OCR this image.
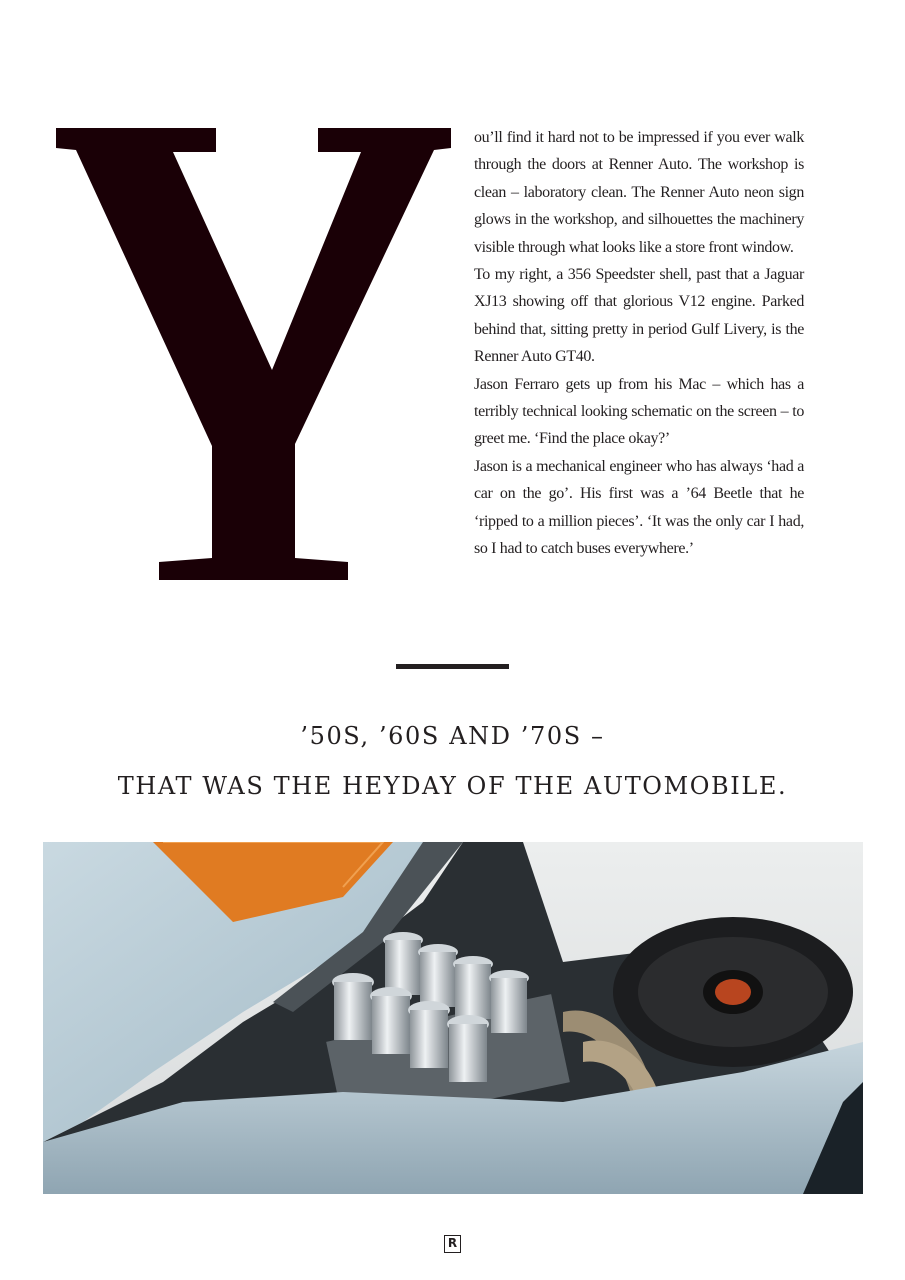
ou’ll find it hard not to be impressed if you ever walk through the doors at Renner Auto. The workshop is clean – laboratory clean. The Renner Auto neon sign glows in the workshop, and silhouettes the machinery visible through what looks like a store front window.

To my right, a 356 Speedster shell, past that a Jaguar XJ13 showing off that glorious V12 engine. Parked behind that, sitting pretty in period Gulf Livery, is the Renner Auto GT40.

Jason Ferraro gets up from his Mac – which has a terribly technical looking schematic on the screen – to greet me. ‘Find the place okay?’

Jason is a mechanical engineer who has always ‘had a car on the go’. His first was a ’64 Beetle that he ‘ripped to a million pieces’. ‘It was the only car I had, so I had to catch buses everywhere.’

’50S, ’60S AND ’70S –
THAT WAS THE HEYDAY OF THE AUTOMOBILE.
R
